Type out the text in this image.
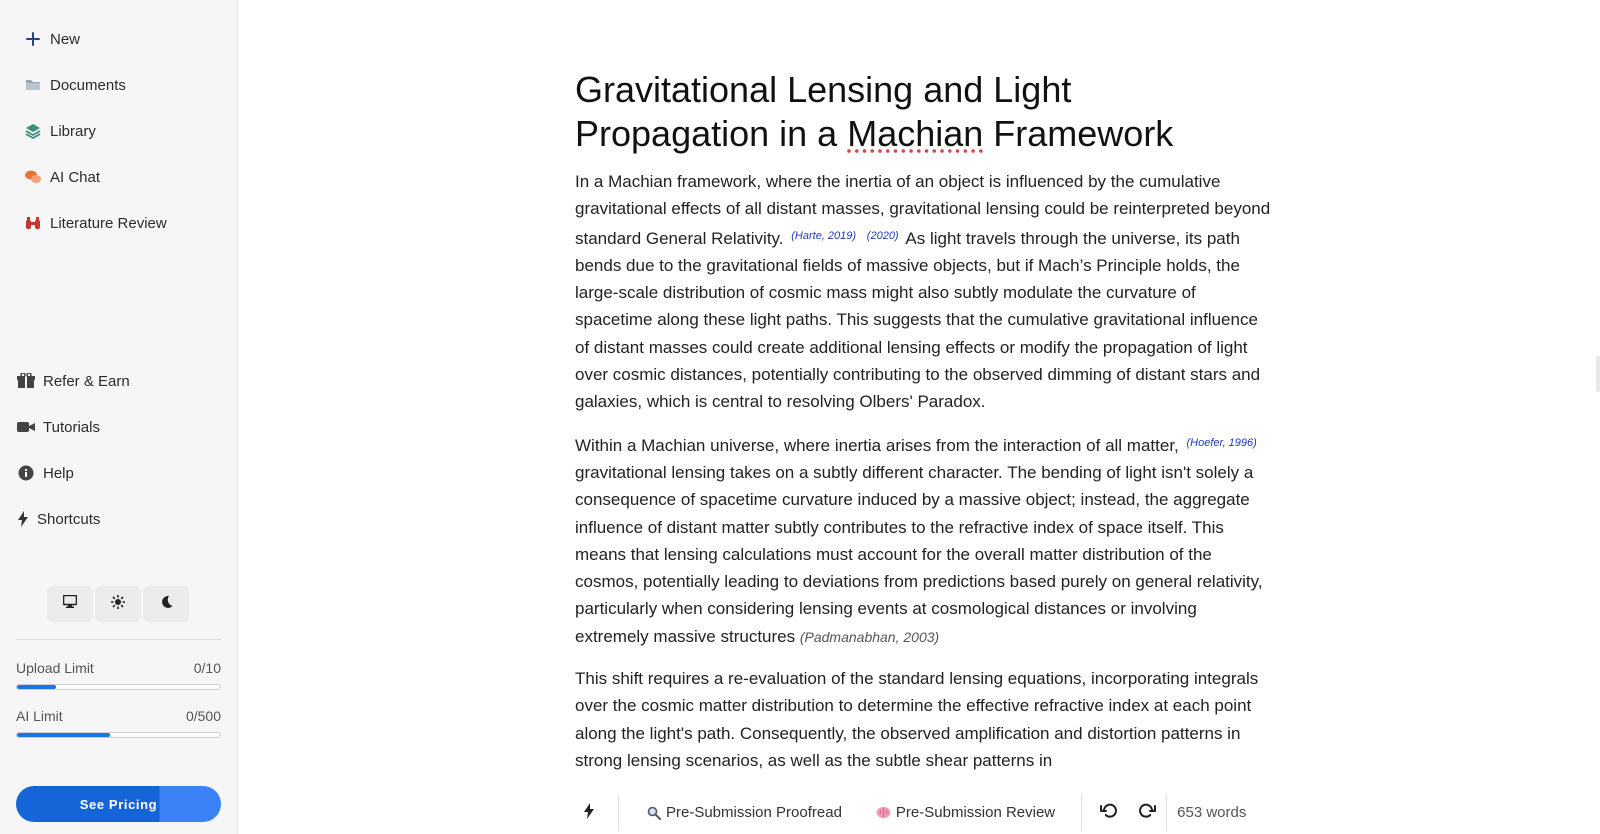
New
Documents
Library
AI Chat
Literature Review
Refer & Earn
Tutorials
Help
Shortcuts
Upload Limit	0/10
AI Limit	0/500
See Pricing
Gravitational Lensing and Light
Propagation in a Machian Framework

In a Machian framework, where the inertia of an object is influenced by the cumulative gravitational effects of all distant masses, gravitational lensing could be reinterpreted beyond standard General Relativity. $^{(Harte, 2019)}$ $^{(2020)}$ As light travels through the universe, its path bends due to the gravitational fields of massive objects, but if Mach’s Principle holds, the large-scale distribution of cosmic mass might also subtly modulate the curvature of spacetime along these light paths. This suggests that the cumulative gravitational influence of distant masses could create additional lensing effects or modify the propagation of light over cosmic distances, potentially contributing to the observed dimming of distant stars and galaxies, which is central to resolving Olbers' Paradox.

Within a Machian universe, where inertia arises from the interaction of all matter, $^{(Hoefer, 1996)}$ gravitational lensing takes on a subtly different character. The bending of light isn't solely a consequence of spacetime curvature induced by a massive object; instead, the aggregate influence of distant matter subtly contributes to the refractive index of space itself. This means that lensing calculations must account for the overall matter distribution of the cosmos, potentially leading to deviations from predictions based purely on general relativity, particularly when considering lensing events at cosmological distances or involving extremely massive structures (Padmanabhan, 2003)

This shift requires a re-evaluation of the standard lensing equations, incorporating integrals over the cosmic matter distribution to determine the effective refractive index at each point along the light's path. Consequently, the observed amplification and distortion patterns in strong lensing scenarios, as well as the subtle shear patterns in

Pre-Submission Proofread	Pre-Submission Review	653 words
